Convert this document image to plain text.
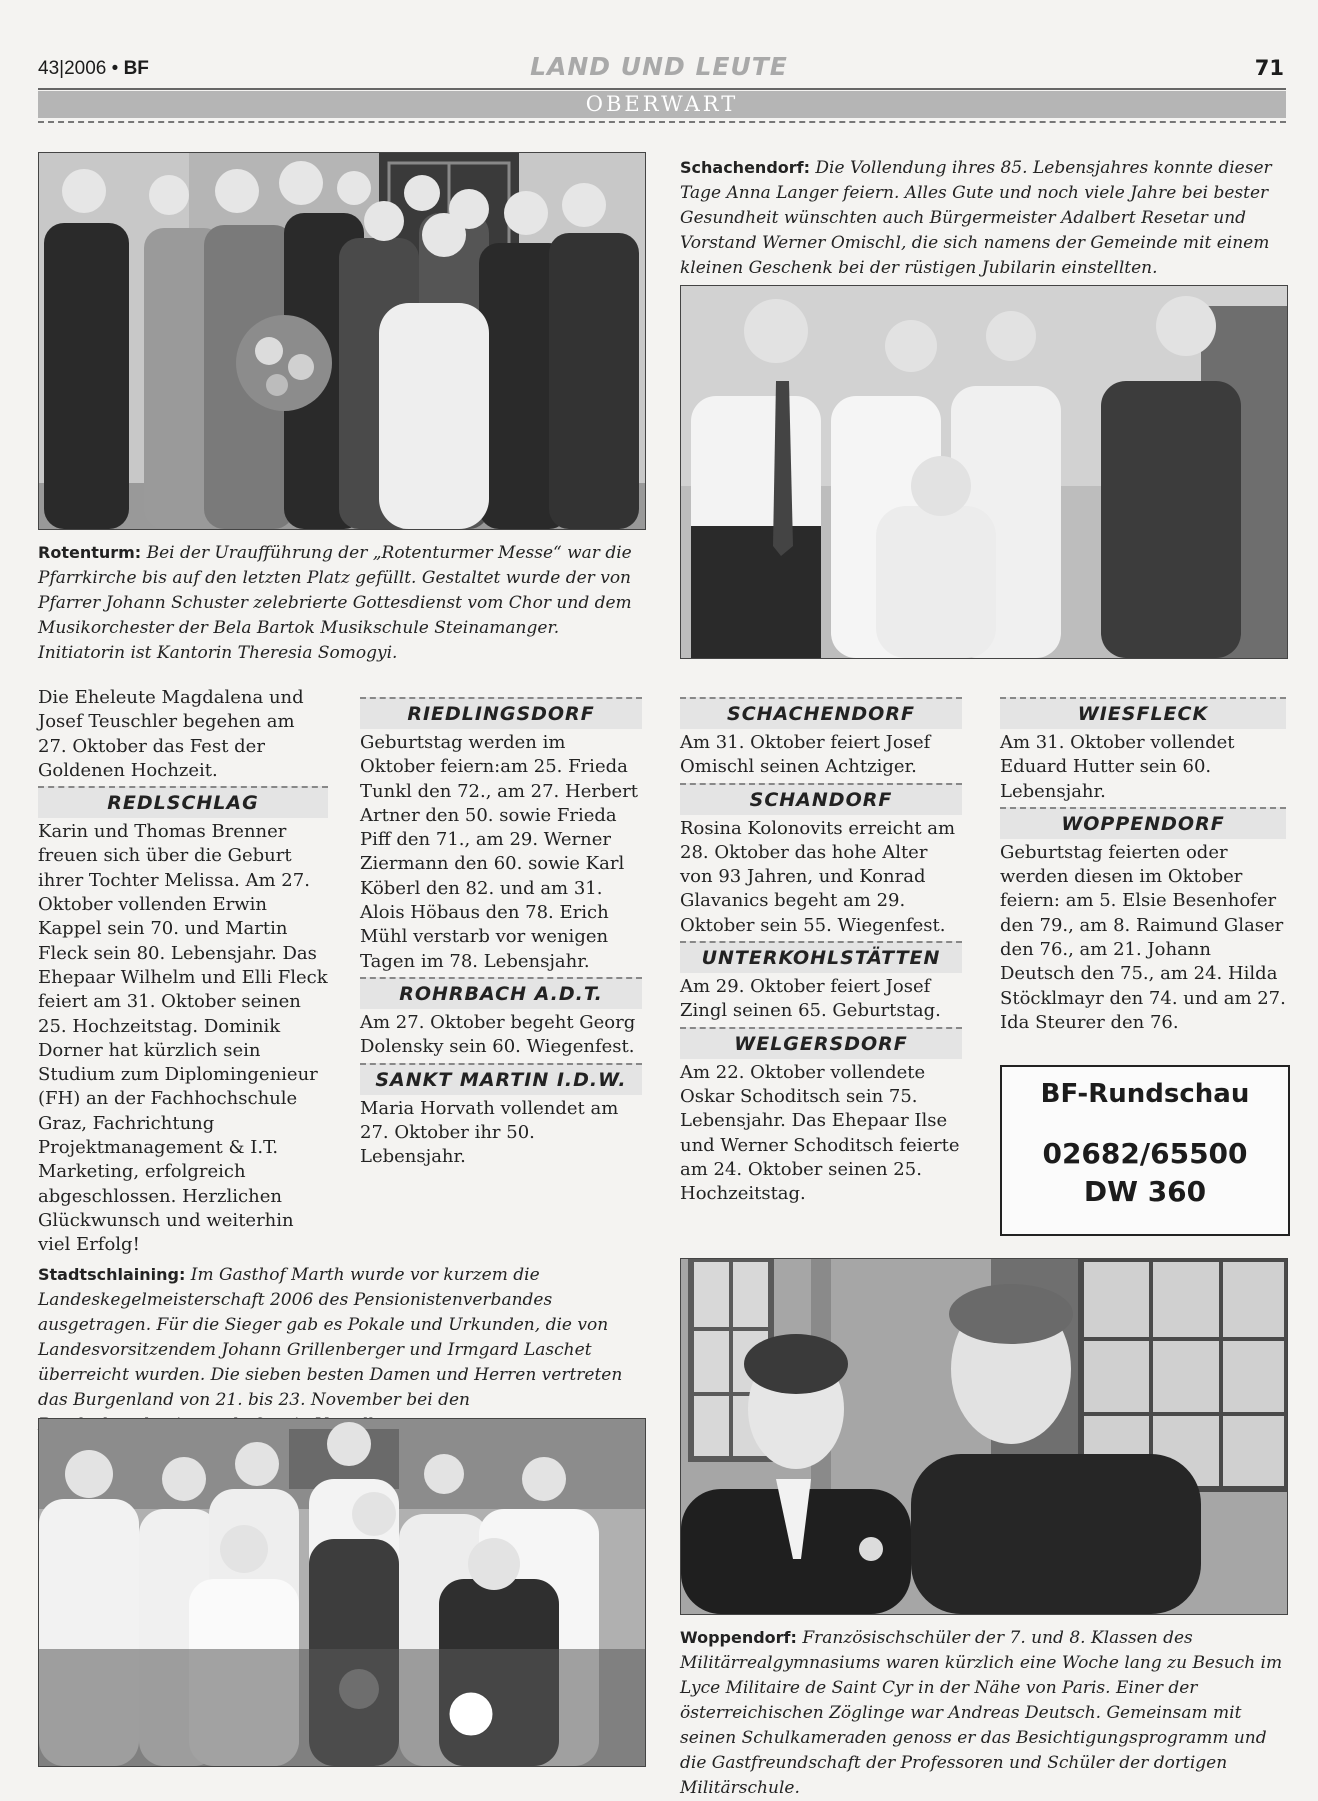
43|2006 • BF	LAND UND LEUTE	71
OBERWART
Rotenturm: Bei der Uraufführung der „Rotenturmer Messe“ war die Pfarrkirche bis auf den letzten Platz gefüllt. Gestaltet wurde der von Pfarrer Johann Schuster zelebrierte Gottesdienst vom Chor und dem Musikorchester der Bela Bartok Musikschule Steinamanger. Initiatorin ist Kantorin Theresia Somogyi.
Schachendorf: Die Vollendung ihres 85. Lebensjahres konnte dieser Tage Anna Langer feiern. Alles Gute und noch viele Jahre bei bester Gesundheit wünschten auch Bürgermeister Adalbert Resetar und Vorstand Werner Omischl, die sich namens der Gemeinde mit einem kleinen Geschenk bei der rüstigen Jubilarin einstellten.
Die Eheleute Magdalena und Josef Teuschler begehen am 27. Oktober das Fest der Goldenen Hochzeit.
REDLSCHLAG
Karin und Thomas Brenner freuen sich über die Geburt ihrer Tochter Melissa. Am 27. Oktober vollenden Erwin Kappel sein 70. und Martin Fleck sein 80. Lebensjahr. Das Ehepaar Wilhelm und Elli Fleck feiert am 31. Oktober seinen 25. Hochzeitstag. Dominik Dorner hat kürzlich sein Studium zum Diplomingenieur (FH) an der Fachhochschule Graz, Fachrichtung Projektmanagement & I.T. Marketing, erfolgreich abgeschlossen. Herzlichen Glückwunsch und weiterhin viel Erfolg!
RIEDLINGSDORF
Geburtstag werden im Oktober feiern:am 25. Frieda Tunkl den 72., am 27. Herbert Artner den 50. sowie Frieda Piff den 71., am 29. Werner Ziermann den 60. sowie Karl Köberl den 82. und am 31. Alois Höbaus den 78. Erich Mühl verstarb vor wenigen Tagen im 78. Lebensjahr.
ROHRBACH A.D.T.
Am 27. Oktober begeht Georg Dolensky sein 60. Wiegenfest.
SANKT MARTIN I.D.W.
Maria Horvath vollendet am 27. Oktober ihr 50. Lebensjahr.
SCHACHENDORF
Am 31. Oktober feiert Josef Omischl seinen Achtziger.
SCHANDORF
Rosina Kolonovits erreicht am 28. Oktober das hohe Alter von 93 Jahren, und Konrad Glavanics begeht am 29. Oktober sein 55. Wiegenfest.
UNTERKOHLSTÄTTEN
Am 29. Oktober feiert Josef Zingl seinen 65. Geburtstag.
WELGERSDORF
Am 22. Oktober vollendete Oskar Schoditsch sein 75. Lebensjahr. Das Ehepaar Ilse und Werner Schoditsch feierte am 24. Oktober seinen 25. Hochzeitstag.
WIESFLECK
Am 31. Oktober vollendet Eduard Hutter sein 60. Lebensjahr.
WOPPENDORF
Geburtstag feierten oder werden diesen im Oktober feiern: am 5. Elsie Besenhofer den 79., am 8. Raimund Glaser den 76., am 21. Johann Deutsch den 75., am 24. Hilda Stöcklmayr den 74. und am 27. Ida Steurer den 76.
BF-Rundschau
02682/65500
DW 360
Stadtschlaining: Im Gasthof Marth wurde vor kurzem die Landeskegelmeisterschaft 2006 des Pensionistenverbandes ausgetragen. Für die Sieger gab es Pokale und Urkunden, die von Landesvorsitzendem Johann Grillenberger und Irmgard Laschet überreicht wurden. Die sieben besten Damen und Herren vertreten das Burgenland von 21. bis 23. November bei den
Woppendorf: Französischschüler der 7. und 8. Klassen des Militärrealgymnasiums waren kürzlich eine Woche lang zu Besuch im Lyce Militaire de Saint Cyr in der Nähe von Paris. Einer der österreichischen Zöglinge war Andreas Deutsch. Gemeinsam mit seinen Schulkameraden genoss er das Besichtigungsprogramm und die Gastfreundschaft der Professoren und Schüler der dortigen Militärschule.
